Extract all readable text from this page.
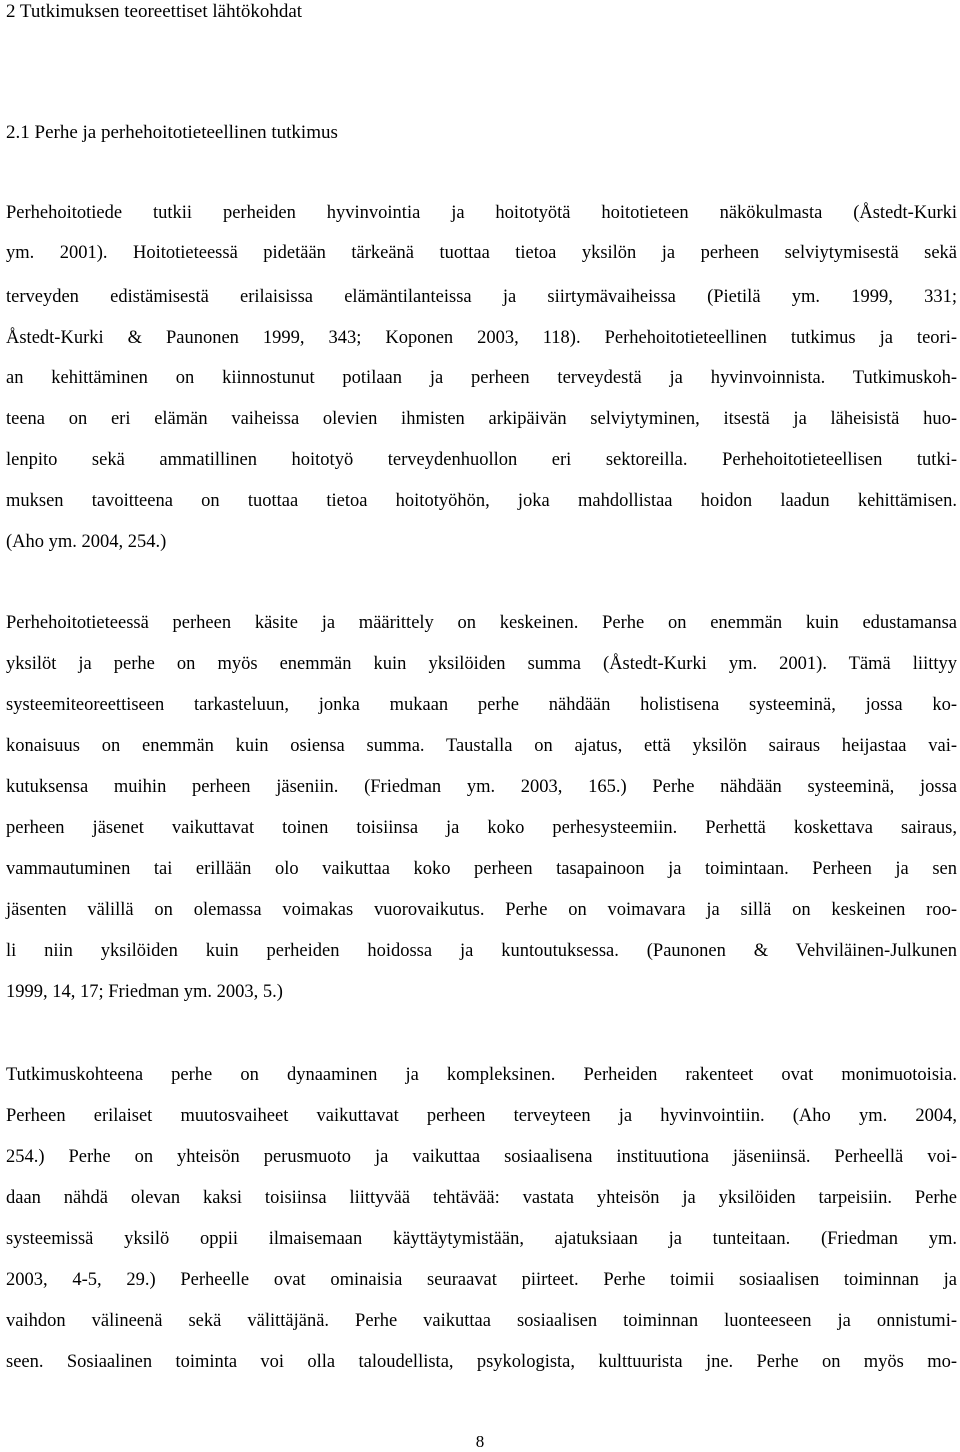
2 Tutkimuksen teoreettiset lähtökohdat
2.1 Perhe ja perhehoitotieteellinen tutkimus
Perhehoitotiede tutkii perheiden hyvinvointia ja hoitotyötä hoitotieteen näkökulmasta (Åstedt-Kurki
ym. 2001). Hoitotieteessä pidetään tärkeänä tuottaa tietoa yksilön ja perheen selviytymisestä sekä
terveyden edistämisestä erilaisissa elämäntilanteissa ja siirtymävaiheissa (Pietilä ym. 1999, 331;
Åstedt-Kurki & Paunonen 1999, 343; Koponen 2003, 118). Perhehoitotieteellinen tutkimus ja teori-
an kehittäminen on kiinnostunut potilaan ja perheen terveydestä ja hyvinvoinnista. Tutkimuskoh-
teena on eri elämän vaiheissa olevien ihmisten arkipäivän selviytyminen, itsestä ja läheisistä huo-
lenpito sekä ammatillinen hoitotyö terveydenhuollon eri sektoreilla. Perhehoitotieteellisen tutki-
muksen tavoitteena on tuottaa tietoa hoitotyöhön, joka mahdollistaa hoidon laadun kehittämisen.
(Aho ym. 2004, 254.)
Perhehoitotieteessä perheen käsite ja määrittely on keskeinen. Perhe on enemmän kuin edustamansa
yksilöt ja perhe on myös enemmän kuin yksilöiden summa (Åstedt-Kurki ym. 2001). Tämä liittyy
systeemiteoreettiseen tarkasteluun, jonka mukaan perhe nähdään holistisena systeeminä, jossa ko-
konaisuus on enemmän kuin osiensa summa. Taustalla on ajatus, että yksilön sairaus heijastaa vai-
kutuksensa muihin perheen jäseniin. (Friedman ym. 2003, 165.) Perhe nähdään systeeminä, jossa
perheen jäsenet vaikuttavat toinen toisiinsa ja koko perhesysteemiin. Perhettä koskettava sairaus,
vammautuminen tai erillään olo vaikuttaa koko perheen tasapainoon ja toimintaan. Perheen ja sen
jäsenten välillä on olemassa voimakas vuorovaikutus. Perhe on voimavara ja sillä on keskeinen roo-
li niin yksilöiden kuin perheiden hoidossa ja kuntoutuksessa. (Paunonen & Vehviläinen-Julkunen
1999, 14, 17; Friedman ym. 2003, 5.)
Tutkimuskohteena perhe on dynaaminen ja kompleksinen. Perheiden rakenteet ovat monimuotoisia.
Perheen erilaiset muutosvaiheet vaikuttavat perheen terveyteen ja hyvinvointiin. (Aho ym. 2004,
254.) Perhe on yhteisön perusmuoto ja vaikuttaa sosiaalisena instituutiona jäseniinsä. Perheellä voi-
daan nähdä olevan kaksi toisiinsa liittyvää tehtävää: vastata yhteisön ja yksilöiden tarpeisiin. Perhe
systeemissä yksilö oppii ilmaisemaan käyttäytymistään, ajatuksiaan ja tunteitaan. (Friedman ym.
2003, 4-5, 29.) Perheelle ovat ominaisia seuraavat piirteet. Perhe toimii sosiaalisen toiminnan ja
vaihdon välineenä sekä välittäjänä. Perhe vaikuttaa sosiaalisen toiminnan luonteeseen ja onnistumi-
seen. Sosiaalinen toiminta voi olla taloudellista, psykologista, kulttuurista jne. Perhe on myös mo-
8
